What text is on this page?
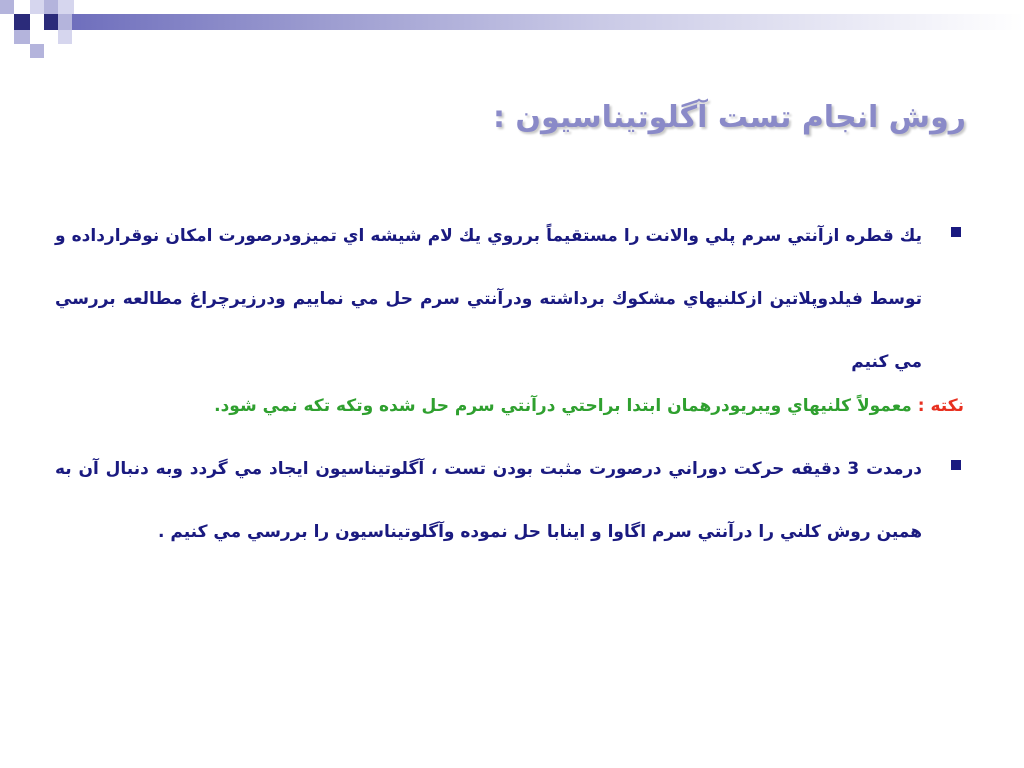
روش انجام تست آگلوتيناسيون :
يك قطره ازآنتي سرم پلي والانت را مستقيماً برروي يك لام شيشه اي تميزودرصورت امكان نوقرارداده و توسط فيلدوپلاتين ازكلنيهاي مشكوك برداشته ودرآنتي سرم حل مي نماييم ودرزيرچراغ مطالعه بررسي مي كنيم
نكته : معمولاً كلنيهاي ويبريودرهمان ابتدا براحتي درآنتي سرم حل شده وتكه تكه نمي شود.
درمدت 3 دقيقه حركت دوراني درصورت مثبت بودن تست ، آگلوتيناسيون ايجاد مي گردد وبه دنبال آن به همين روش كلني را درآنتي سرم اگاوا و اينابا حل نموده وآگلوتيناسيون را بررسي مي كنيم .
